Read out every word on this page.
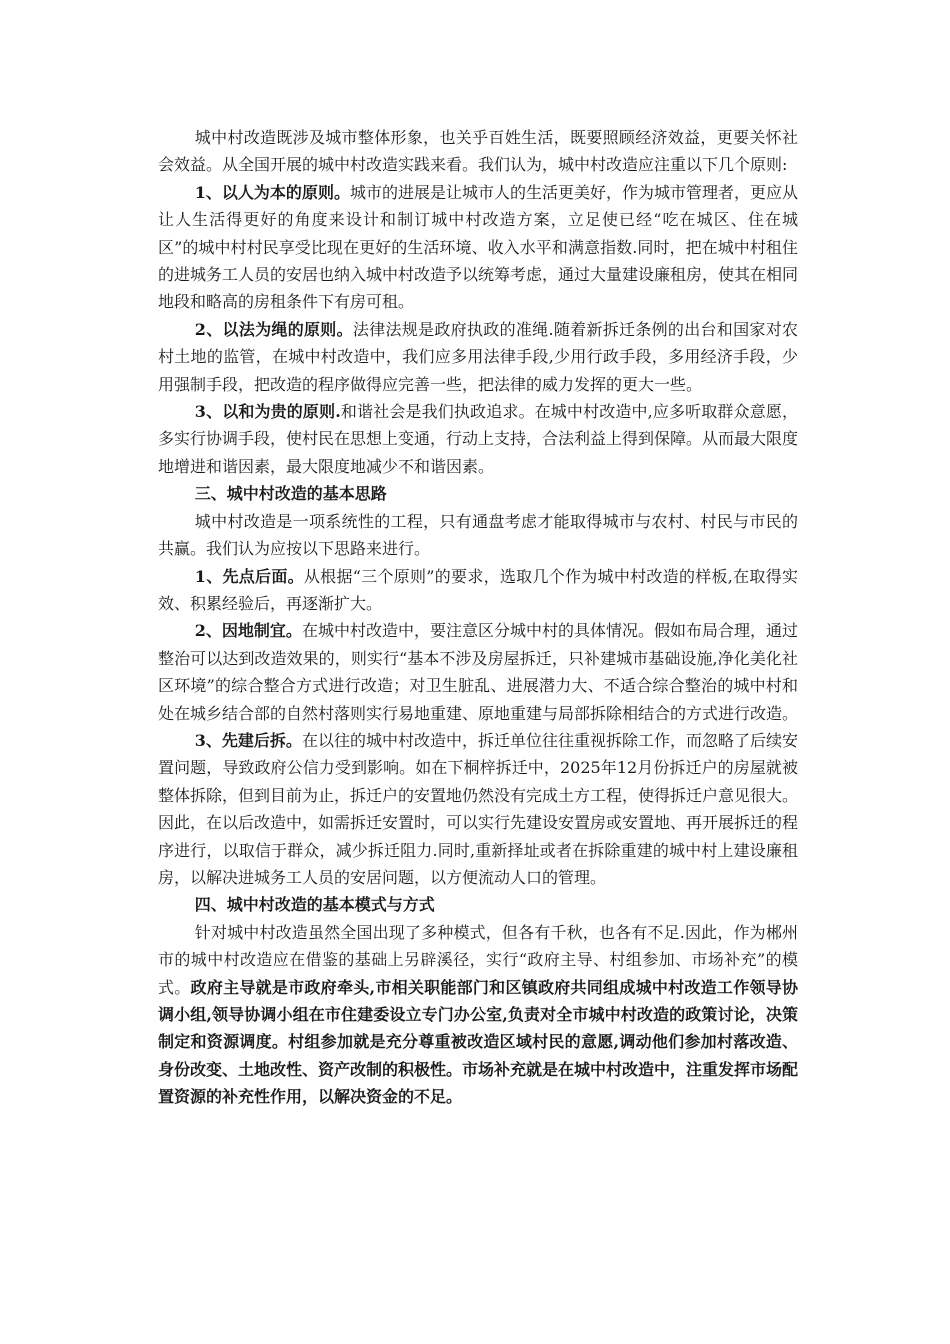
城中村改造既涉及城市整体形象，也关乎百姓生活，既要照顾经济效益，更要关怀社会效益。从全国开展的城中村改造实践来看。我们认为，城中村改造应注重以下几个原则:

1、以人为本的原则。城市的进展是让城市人的生活更美好，作为城市管理者，更应从让人生活得更好的角度来设计和制订城中村改造方案，立足使已经“吃在城区、住在城区”的城中村村民享受比现在更好的生活环境、收入水平和满意指数.同时，把在城中村租住的进城务工人员的安居也纳入城中村改造予以统筹考虑，通过大量建设廉租房，使其在相同地段和略高的房租条件下有房可租。

2、以法为绳的原则。法律法规是政府执政的准绳.随着新拆迁条例的出台和国家对农村土地的监管，在城中村改造中，我们应多用法律手段,少用行政手段，多用经济手段，少用强制手段，把改造的程序做得应完善一些，把法律的威力发挥的更大一些。

3、以和为贵的原则.和谐社会是我们执政追求。在城中村改造中,应多听取群众意愿，多实行协调手段，使村民在思想上变通，行动上支持，合法利益上得到保障。从而最大限度地增进和谐因素，最大限度地减少不和谐因素。

三、城中村改造的基本思路

城中村改造是一项系统性的工程，只有通盘考虑才能取得城市与农村、村民与市民的共赢。我们认为应按以下思路来进行。

1、先点后面。从根据“三个原则”的要求，选取几个作为城中村改造的样板,在取得实效、积累经验后，再逐渐扩大。

2、因地制宜。在城中村改造中，要注意区分城中村的具体情况。假如布局合理，通过整治可以达到改造效果的，则实行“基本不涉及房屋拆迁，只补建城市基础设施,净化美化社区环境”的综合整合方式进行改造；对卫生脏乱、进展潜力大、不适合综合整治的城中村和处在城乡结合部的自然村落则实行易地重建、原地重建与局部拆除相结合的方式进行改造。

3、先建后拆。在以往的城中村改造中，拆迁单位往往重视拆除工作，而忽略了后续安置问题，导致政府公信力受到影响。如在下桐梓拆迁中，2025年12月份拆迁户的房屋就被整体拆除，但到目前为止，拆迁户的安置地仍然没有完成土方工程，使得拆迁户意见很大。因此，在以后改造中，如需拆迁安置时，可以实行先建设安置房或安置地、再开展拆迁的程序进行，以取信于群众，减少拆迁阻力.同时,重新择址或者在拆除重建的城中村上建设廉租房，以解决进城务工人员的安居问题，以方便流动人口的管理。

四、城中村改造的基本模式与方式

针对城中村改造虽然全国出现了多种模式，但各有千秋，也各有不足.因此，作为郴州市的城中村改造应在借鉴的基础上另辟溪径，实行“政府主导、村组参加、市场补充”的模式。政府主导就是市政府牵头,市相关职能部门和区镇政府共同组成城中村改造工作领导协调小组,领导协调小组在市住建委设立专门办公室,负责对全市城中村改造的政策讨论，决策制定和资源调度。村组参加就是充分尊重被改造区域村民的意愿,调动他们参加村落改造、身份改变、土地改性、资产改制的积极性。市场补充就是在城中村改造中，注重发挥市场配置资源的补充性作用，以解决资金的不足。
